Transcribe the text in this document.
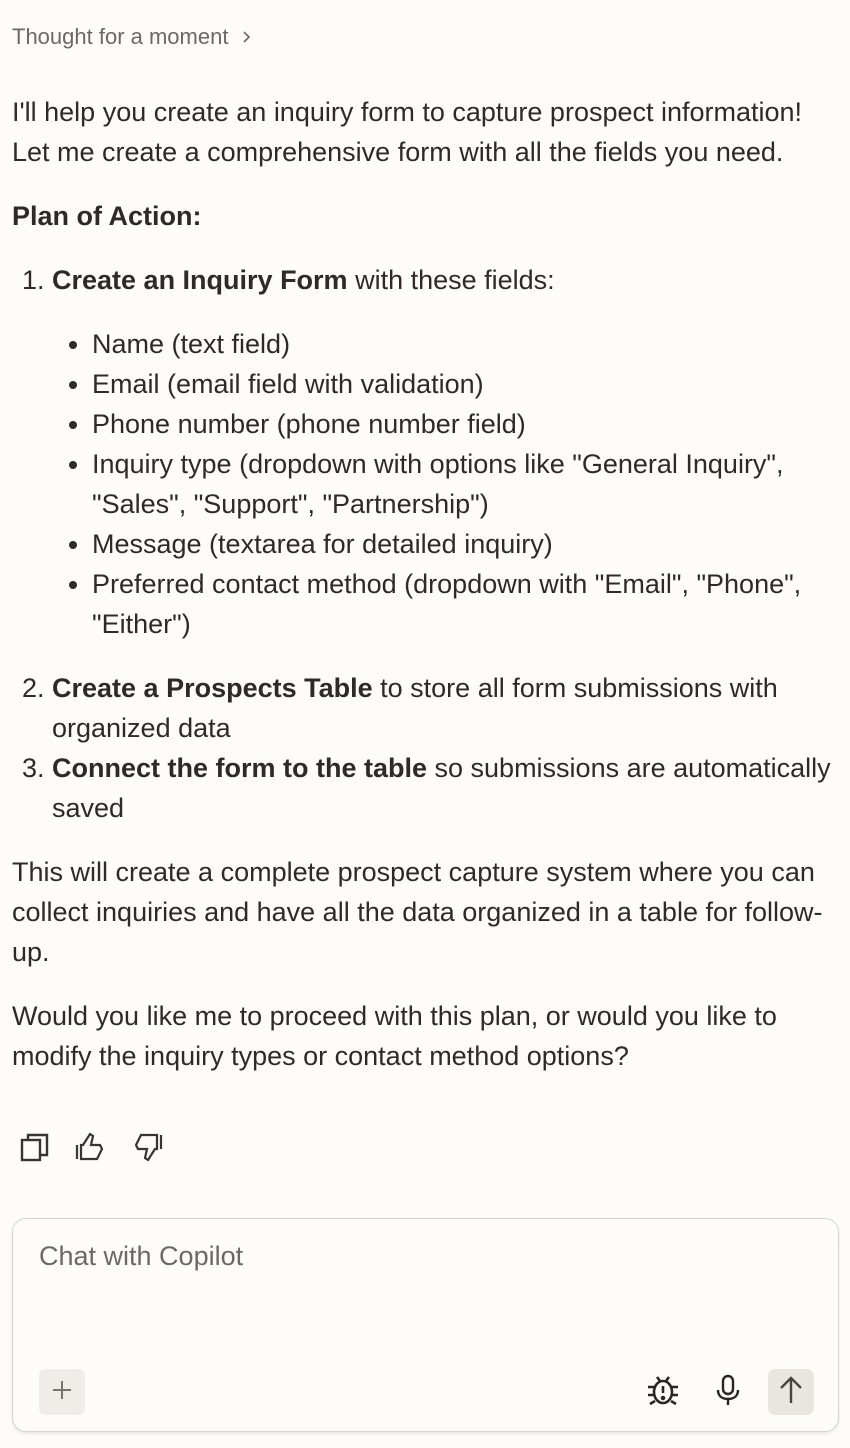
Thought for a moment

I'll help you create an inquiry form to capture prospect information! Let me create a comprehensive form with all the fields you need.

Plan of Action:

1. Create an Inquiry Form with these fields:
• Name (text field)
• Email (email field with validation)
• Phone number (phone number field)
• Inquiry type (dropdown with options like "General Inquiry", "Sales", "Support", "Partnership")
• Message (textarea for detailed inquiry)
• Preferred contact method (dropdown with "Email", "Phone", "Either")
2. Create a Prospects Table to store all form submissions with organized data
3. Connect the form to the table so submissions are automatically saved

This will create a complete prospect capture system where you can collect inquiries and have all the data organized in a table for follow-up.

Would you like me to proceed with this plan, or would you like to modify the inquiry types or contact method options?

Chat with Copilot
